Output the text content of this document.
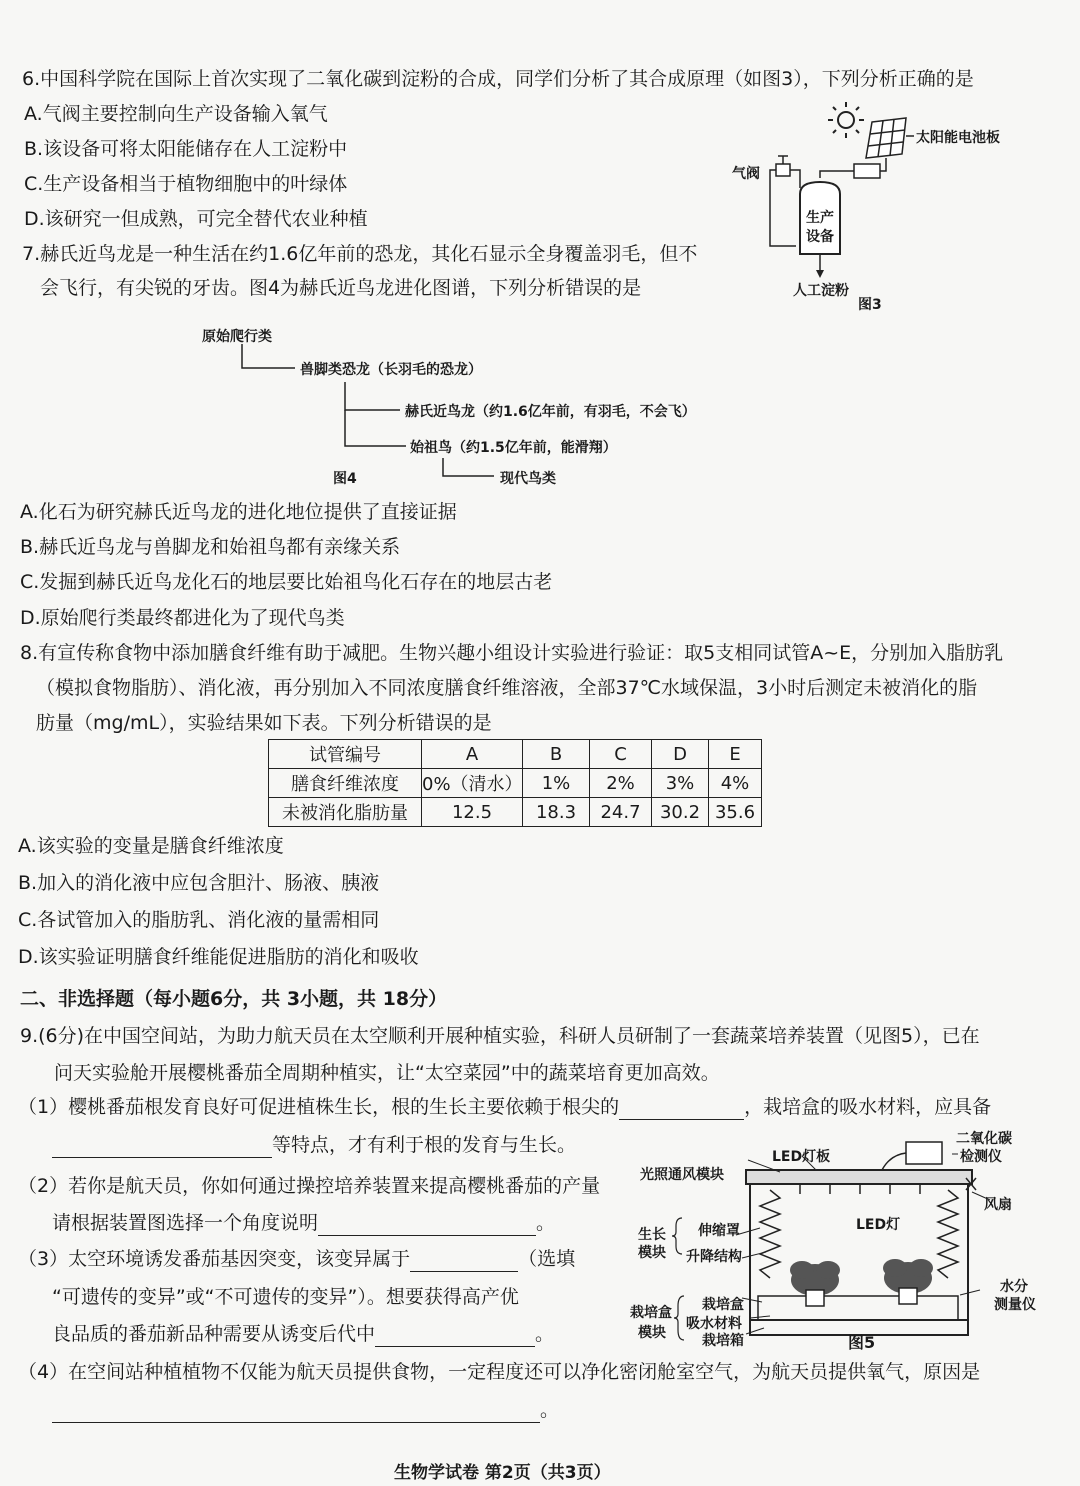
6.中国科学院在国际上首次实现了二氧化碳到淀粉的合成，同学们分析了其合成原理（如图3），下列分析正确的是
A.气阀主要控制向生产设备输入氧气
B.该设备可将太阳能储存在人工淀粉中
C.生产设备相当于植物细胞中的叶绿体
D.该研究一但成熟，可完全替代农业种植
太阳能电池板
气阀
生产
设备
人工淀粉
图3
7.赫氏近鸟龙是一种生活在约1.6亿年前的恐龙，其化石显示全身覆盖羽毛，但不
会飞行，有尖锐的牙齿。图4为赫氏近鸟龙进化图谱，下列分析错误的是
原始爬行类
兽脚类恐龙（长羽毛的恐龙）
赫氏近鸟龙（约1.6亿年前，有羽毛，不会飞）
始祖鸟（约1.5亿年前，能滑翔）
现代鸟类
图4
A.化石为研究赫氏近鸟龙的进化地位提供了直接证据
B.赫氏近鸟龙与兽脚龙和始祖鸟都有亲缘关系
C.发掘到赫氏近鸟龙化石的地层要比始祖鸟化石存在的地层古老
D.原始爬行类最终都进化为了现代鸟类
8.有宣传称食物中添加膳食纤维有助于减肥。生物兴趣小组设计实验进行验证：取5支相同试管A~E，分别加入脂肪乳
（模拟食物脂肪）、消化液，再分别加入不同浓度膳食纤维溶液，全部37℃水域保温，3小时后测定未被消化的脂
肪量（mg/mL），实验结果如下表。下列分析错误的是
试管编号	A	B	C	D	E
膳食纤维浓度	0%（清水）	1%	2%	3%	4%
未被消化脂肪量	12.5	18.3	24.7	30.2	35.6
A.该实验的变量是膳食纤维浓度
B.加入的消化液中应包含胆汁、肠液、胰液
C.各试管加入的脂肪乳、消化液的量需相同
D.该实验证明膳食纤维能促进脂肪的消化和吸收
二、非选择题（每小题6分，共 3小题，共 18分）
9.(6分)在中国空间站，为助力航天员在太空顺利开展种植实验，科研人员研制了一套蔬菜培养装置（见图5），已在
问天实验舱开展樱桃番茄全周期种植实，让“太空菜园”中的蔬菜培育更加高效。
（1）樱桃番茄根发育良好可促进植株生长，根的生长主要依赖于根尖的	，栽培盒的吸水材料，应具备
等特点，才有利于根的发育与生长。
（2）若你是航天员，你如何通过操控培养装置来提高樱桃番茄的产量
请根据装置图选择一个角度说明	。
（3）太空环境诱发番茄基因突变，该变异属于	（选填
“可遗传的变异”或“不可遗传的变异”）。想要获得高产优
良品质的番茄新品种需要从诱变后代中	。
（4）在空间站种植植物不仅能为航天员提供食物，一定程度还可以净化密闭舱室空气，为航天员提供氧气，原因是
。
二氧化碳
检测仪
LED灯板
光照通风模块
风扇
LED灯
生长
模块
伸缩罩
升降结构
水分
测量仪
栽培盒
模块
栽培盒
吸水材料
栽培箱	图5
生物学试卷 第2页（共3页）
